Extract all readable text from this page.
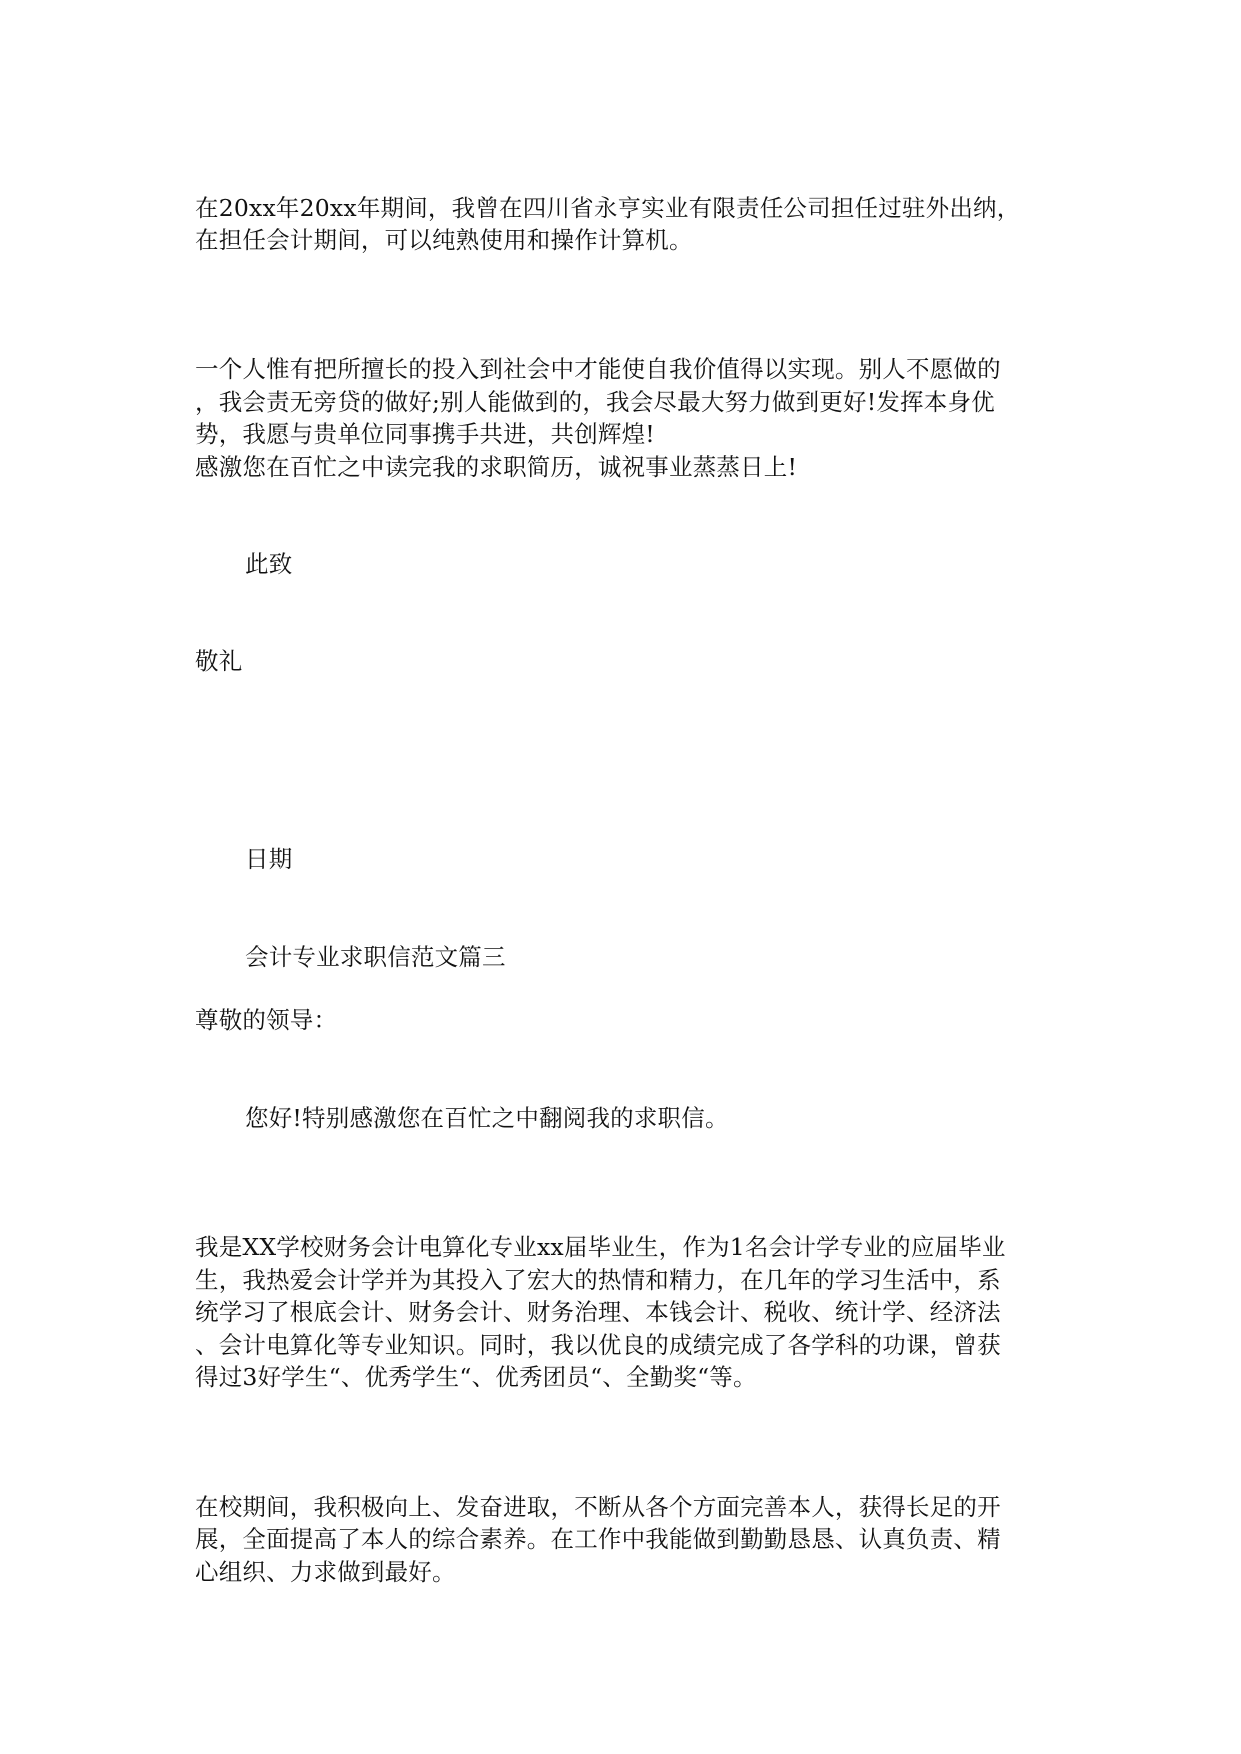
在20xx年20xx年期间，我曾在四川省永亨实业有限责任公司担任过驻外出纳，
在担任会计期间，可以纯熟使用和操作计算机。
一个人惟有把所擅长的投入到社会中才能使自我价值得以实现。别人不愿做的
，我会责无旁贷的做好;别人能做到的，我会尽最大努力做到更好!发挥本身优
势，我愿与贵单位同事携手共进，共创辉煌!
感激您在百忙之中读完我的求职简历，诚祝事业蒸蒸日上!
此致
敬礼
日期
会计专业求职信范文篇三
尊敬的领导：
您好!特别感激您在百忙之中翻阅我的求职信。
我是XX学校财务会计电算化专业xx届毕业生，作为1名会计学专业的应届毕业
生，我热爱会计学并为其投入了宏大的热情和精力，在几年的学习生活中，系
统学习了根底会计、财务会计、财务治理、本钱会计、税收、统计学、经济法
、会计电算化等专业知识。同时，我以优良的成绩完成了各学科的功课，曾获
得过3好学生“、优秀学生“、优秀团员“、全勤奖“等。
在校期间，我积极向上、发奋进取，不断从各个方面完善本人，获得长足的开
展，全面提高了本人的综合素养。在工作中我能做到勤勤恳恳、认真负责、精
心组织、力求做到最好。
